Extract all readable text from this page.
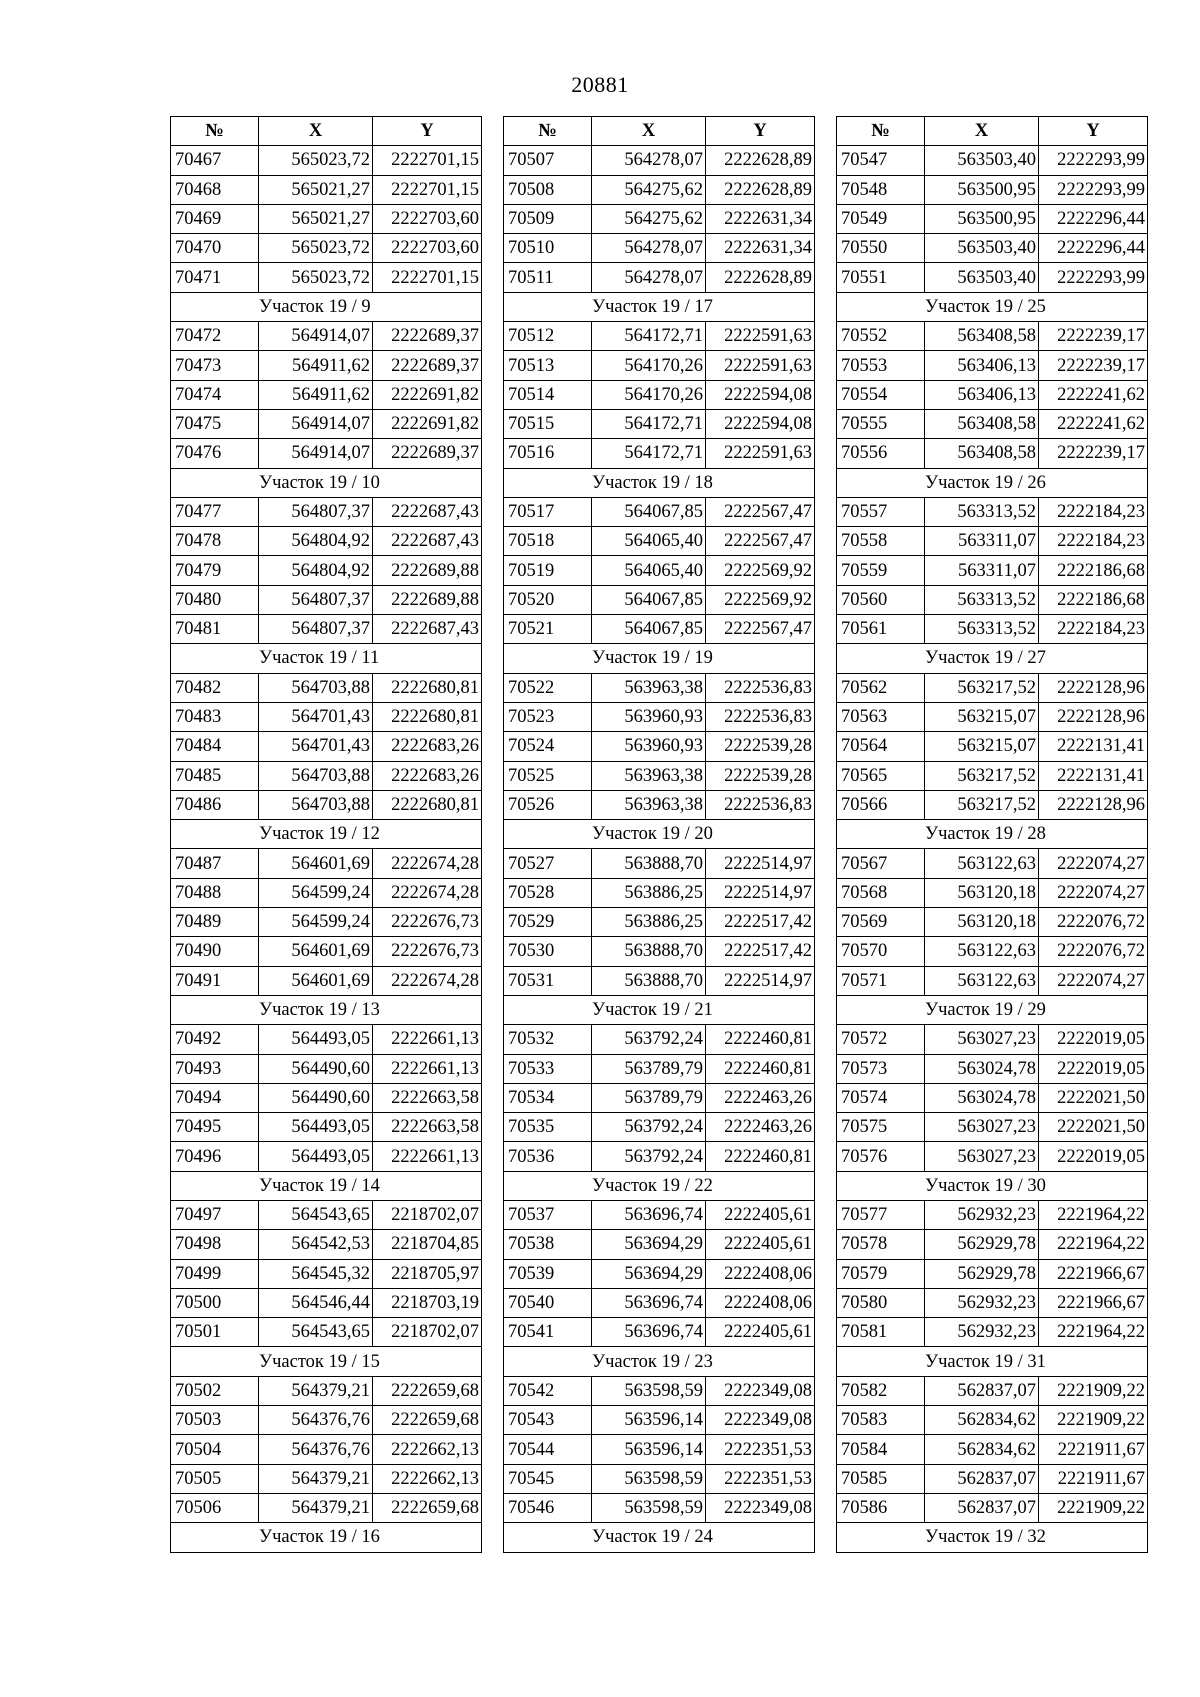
20881
№	X	Y
70467	565023,72	2222701,15
70468	565021,27	2222701,15
70469	565021,27	2222703,60
70470	565023,72	2222703,60
70471	565023,72	2222701,15
Участок 19 / 9		
70472	564914,07	2222689,37
70473	564911,62	2222689,37
70474	564911,62	2222691,82
70475	564914,07	2222691,82
70476	564914,07	2222689,37
Участок 19 / 10		
70477	564807,37	2222687,43
70478	564804,92	2222687,43
70479	564804,92	2222689,88
70480	564807,37	2222689,88
70481	564807,37	2222687,43
Участок 19 / 11		
70482	564703,88	2222680,81
70483	564701,43	2222680,81
70484	564701,43	2222683,26
70485	564703,88	2222683,26
70486	564703,88	2222680,81
Участок 19 / 12		
70487	564601,69	2222674,28
70488	564599,24	2222674,28
70489	564599,24	2222676,73
70490	564601,69	2222676,73
70491	564601,69	2222674,28
Участок 19 / 13		
70492	564493,05	2222661,13
70493	564490,60	2222661,13
70494	564490,60	2222663,58
70495	564493,05	2222663,58
70496	564493,05	2222661,13
Участок 19 / 14		
70497	564543,65	2218702,07
70498	564542,53	2218704,85
70499	564545,32	2218705,97
70500	564546,44	2218703,19
70501	564543,65	2218702,07
Участок 19 / 15		
70502	564379,21	2222659,68
70503	564376,76	2222659,68
70504	564376,76	2222662,13
70505	564379,21	2222662,13
70506	564379,21	2222659,68
Участок 19 / 16		
№	X	Y
70507	564278,07	2222628,89
70508	564275,62	2222628,89
70509	564275,62	2222631,34
70510	564278,07	2222631,34
70511	564278,07	2222628,89
Участок 19 / 17		
70512	564172,71	2222591,63
70513	564170,26	2222591,63
70514	564170,26	2222594,08
70515	564172,71	2222594,08
70516	564172,71	2222591,63
Участок 19 / 18		
70517	564067,85	2222567,47
70518	564065,40	2222567,47
70519	564065,40	2222569,92
70520	564067,85	2222569,92
70521	564067,85	2222567,47
Участок 19 / 19		
70522	563963,38	2222536,83
70523	563960,93	2222536,83
70524	563960,93	2222539,28
70525	563963,38	2222539,28
70526	563963,38	2222536,83
Участок 19 / 20		
70527	563888,70	2222514,97
70528	563886,25	2222514,97
70529	563886,25	2222517,42
70530	563888,70	2222517,42
70531	563888,70	2222514,97
Участок 19 / 21		
70532	563792,24	2222460,81
70533	563789,79	2222460,81
70534	563789,79	2222463,26
70535	563792,24	2222463,26
70536	563792,24	2222460,81
Участок 19 / 22		
70537	563696,74	2222405,61
70538	563694,29	2222405,61
70539	563694,29	2222408,06
70540	563696,74	2222408,06
70541	563696,74	2222405,61
Участок 19 / 23		
70542	563598,59	2222349,08
70543	563596,14	2222349,08
70544	563596,14	2222351,53
70545	563598,59	2222351,53
70546	563598,59	2222349,08
Участок 19 / 24		
№	X	Y
70547	563503,40	2222293,99
70548	563500,95	2222293,99
70549	563500,95	2222296,44
70550	563503,40	2222296,44
70551	563503,40	2222293,99
Участок 19 / 25		
70552	563408,58	2222239,17
70553	563406,13	2222239,17
70554	563406,13	2222241,62
70555	563408,58	2222241,62
70556	563408,58	2222239,17
Участок 19 / 26		
70557	563313,52	2222184,23
70558	563311,07	2222184,23
70559	563311,07	2222186,68
70560	563313,52	2222186,68
70561	563313,52	2222184,23
Участок 19 / 27		
70562	563217,52	2222128,96
70563	563215,07	2222128,96
70564	563215,07	2222131,41
70565	563217,52	2222131,41
70566	563217,52	2222128,96
Участок 19 / 28		
70567	563122,63	2222074,27
70568	563120,18	2222074,27
70569	563120,18	2222076,72
70570	563122,63	2222076,72
70571	563122,63	2222074,27
Участок 19 / 29		
70572	563027,23	2222019,05
70573	563024,78	2222019,05
70574	563024,78	2222021,50
70575	563027,23	2222021,50
70576	563027,23	2222019,05
Участок 19 / 30		
70577	562932,23	2221964,22
70578	562929,78	2221964,22
70579	562929,78	2221966,67
70580	562932,23	2221966,67
70581	562932,23	2221964,22
Участок 19 / 31		
70582	562837,07	2221909,22
70583	562834,62	2221909,22
70584	562834,62	2221911,67
70585	562837,07	2221911,67
70586	562837,07	2221909,22
Участок 19 / 32		
